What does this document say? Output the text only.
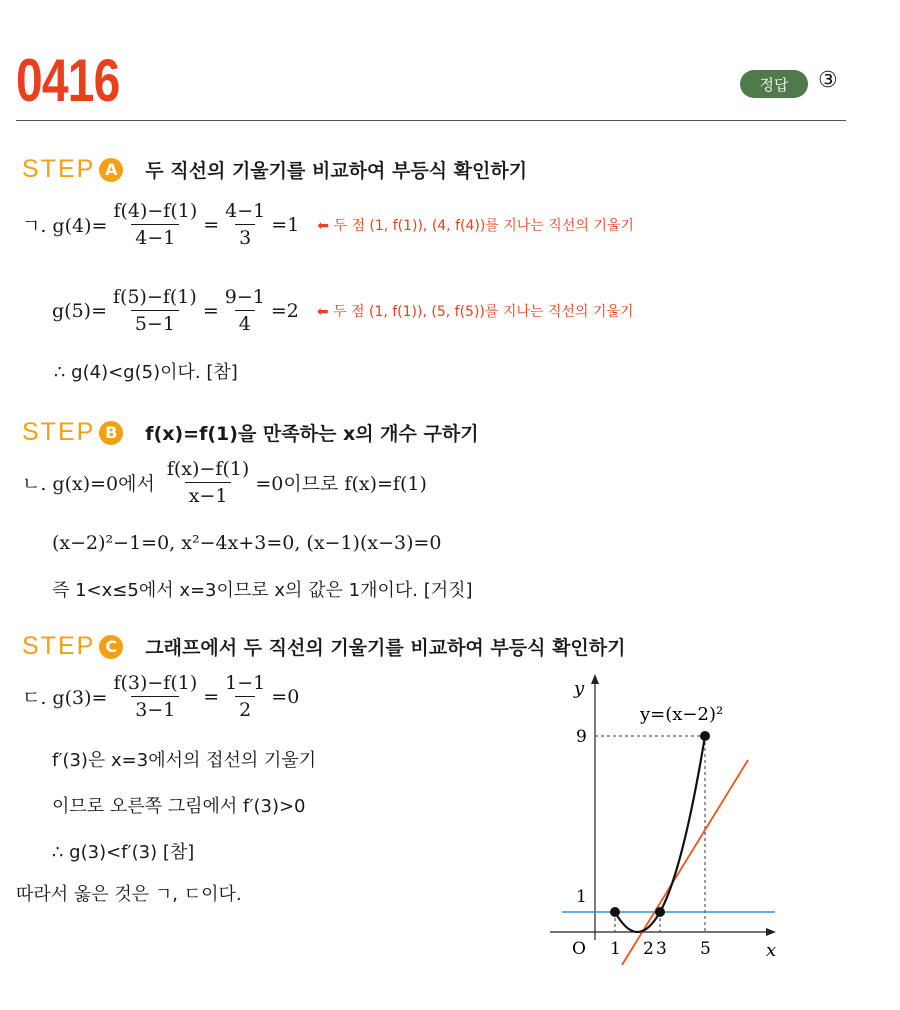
0416	정답	③
STEP A	두 직선의 기울기를 비교하여 부등식 확인하기
ㄱ. $g(4)= \frac{f(4)-f(1)}{4-1} = \frac{4-1}{3} =1$ ⬅ 두 점 (1, f(1)), (4, f(4))를 지나는 직선의 기울기
$g(5)= \frac{f(5)-f(1)}{5-1} = \frac{9-1}{4} =2$ ⬅ 두 점 (1, f(1)), (5, f(5))를 지나는 직선의 기울기
∴ g(4)<g(5)이다. [참]
STEP B	f(x)=f(1)을 만족하는 x의 개수 구하기
ㄴ. g(x)=0에서 $\frac{f(x)-f(1)}{x-1} =0$이므로 f(x)=f(1)
(x−2)²−1=0, x²−4x+3=0, (x−1)(x−3)=0
즉 1<x≤5에서 x=3이므로 x의 값은 1개이다. [거짓]
STEP C	그래프에서 두 직선의 기울기를 비교하여 부등식 확인하기
ㄷ. $g(3)= \frac{f(3)-f(1)}{3-1} = \frac{1-1}{2} =0$
f′(3)은 x=3에서의 접선의 기울기
이므로 오른쪽 그림에서 f′(3)>0
∴ g(3)<f′(3) [참]
따라서 옳은 것은 ㄱ, ㄷ이다.
y
x
O
1
9
1 2 3 5
y=(x−2)²
